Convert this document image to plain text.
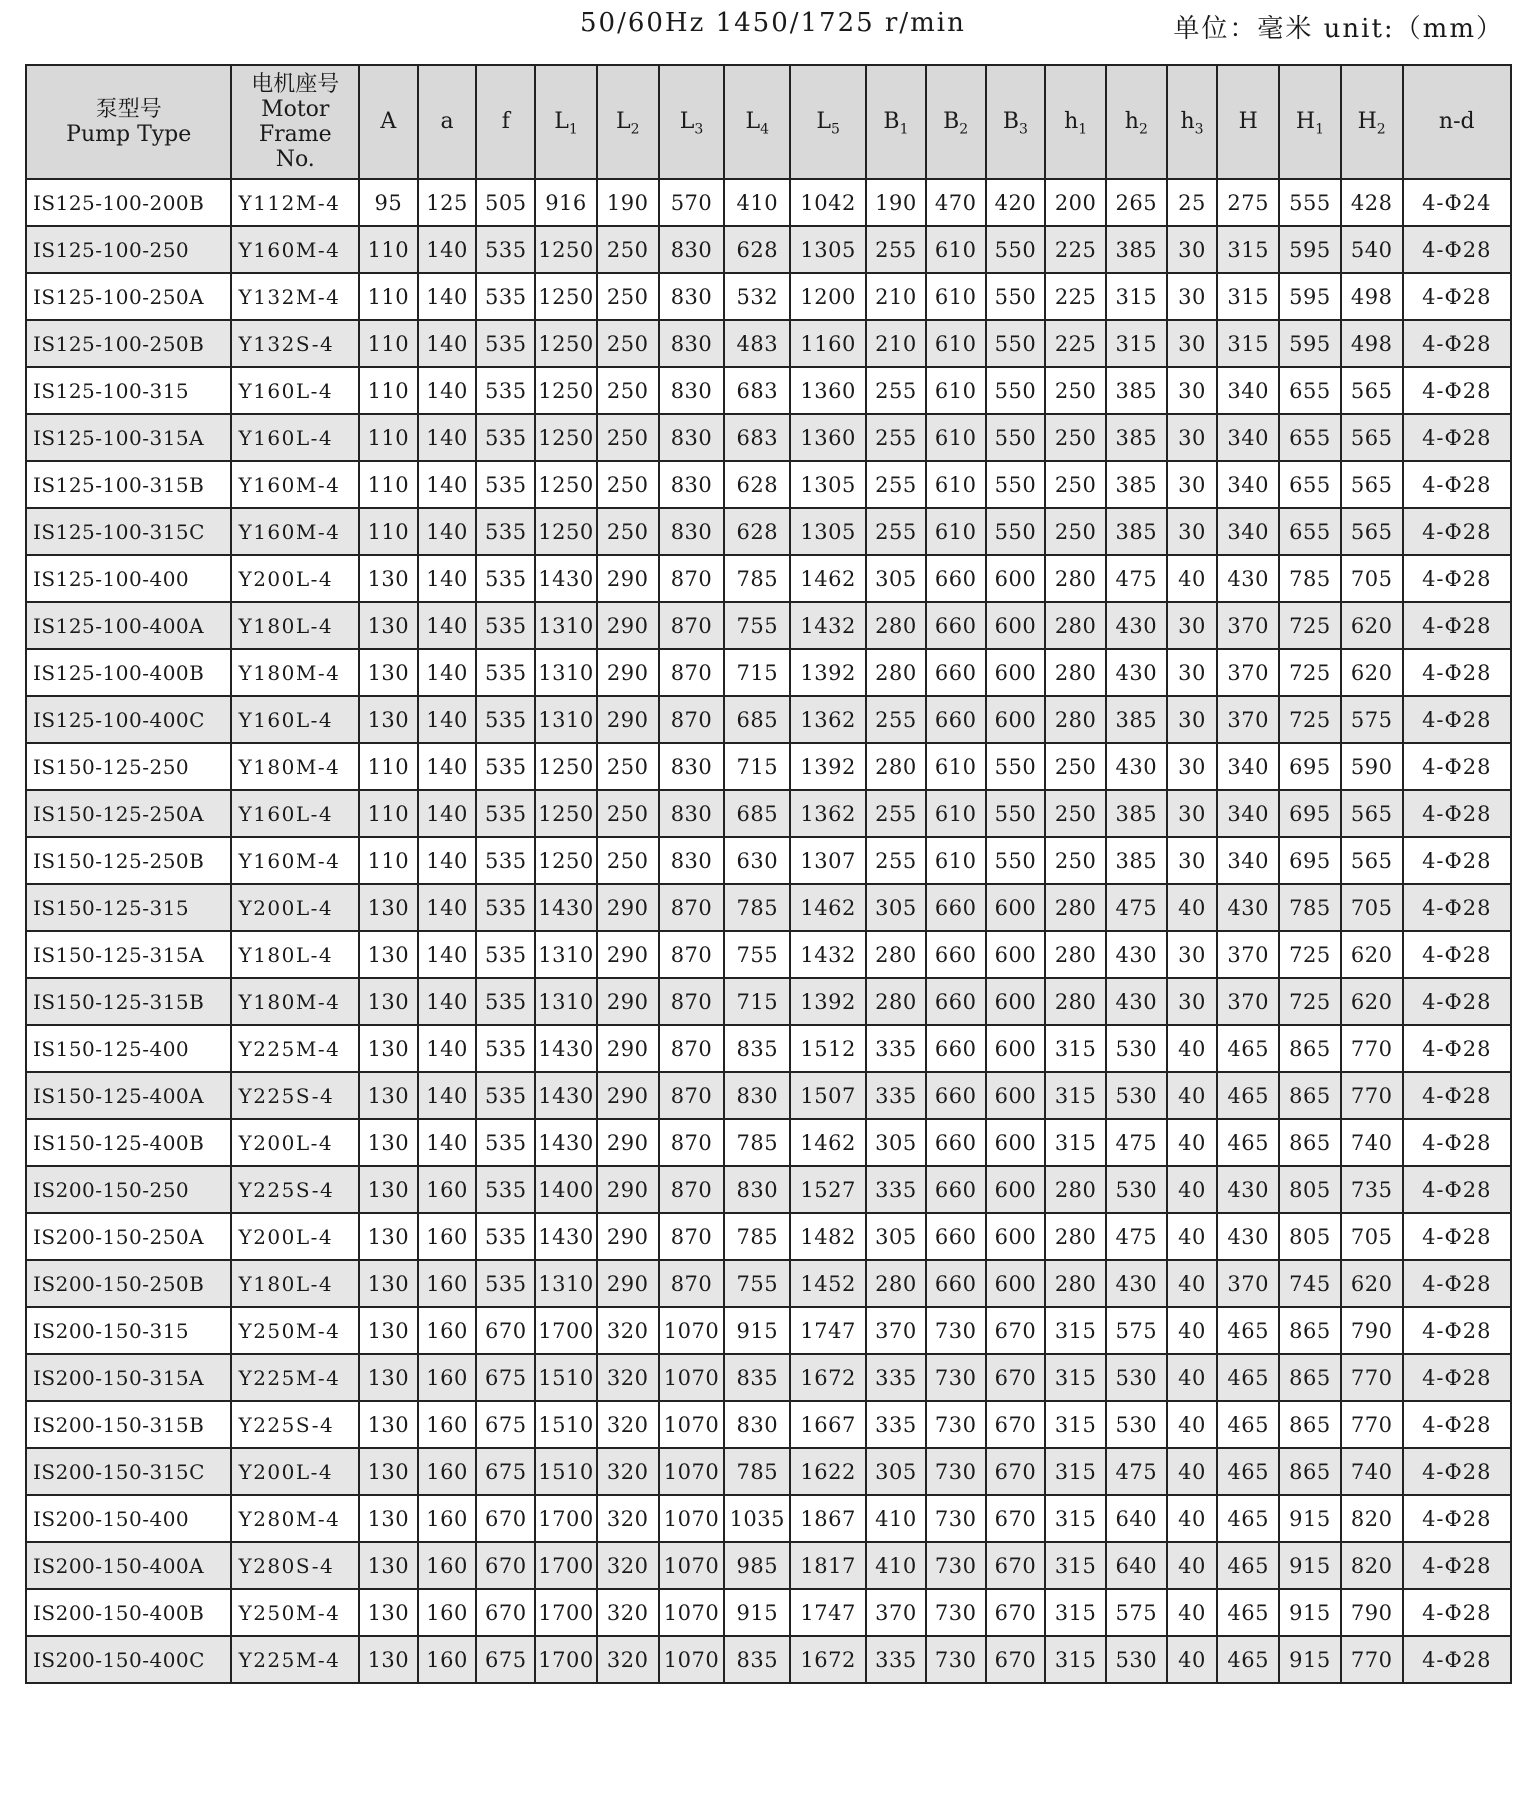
50/60Hz 1450/1725 r/min	单位：毫米 unit:（mm）
泵型号
Pump Type	电机座号
Motor
Frame
No.	A	a	f	$L_1$	$L_2$	$L_3$	$L_4$	$L_5$	$B_1$	$B_2$	$B_3$	$h_1$	$h_2$	$h_3$	H	$H_1$	$H_2$	n-d
IS125-100-200B	Y112M-4	95	125	505	916	190	570	410	1042	190	470	420	200	265	25	275	555	428	4-Φ24
IS125-100-250	Y160M-4	110	140	535	1250	250	830	628	1305	255	610	550	225	385	30	315	595	540	4-Φ28
IS125-100-250A	Y132M-4	110	140	535	1250	250	830	532	1200	210	610	550	225	315	30	315	595	498	4-Φ28
IS125-100-250B	Y132S-4	110	140	535	1250	250	830	483	1160	210	610	550	225	315	30	315	595	498	4-Φ28
IS125-100-315	Y160L-4	110	140	535	1250	250	830	683	1360	255	610	550	250	385	30	340	655	565	4-Φ28
IS125-100-315A	Y160L-4	110	140	535	1250	250	830	683	1360	255	610	550	250	385	30	340	655	565	4-Φ28
IS125-100-315B	Y160M-4	110	140	535	1250	250	830	628	1305	255	610	550	250	385	30	340	655	565	4-Φ28
IS125-100-315C	Y160M-4	110	140	535	1250	250	830	628	1305	255	610	550	250	385	30	340	655	565	4-Φ28
IS125-100-400	Y200L-4	130	140	535	1430	290	870	785	1462	305	660	600	280	475	40	430	785	705	4-Φ28
IS125-100-400A	Y180L-4	130	140	535	1310	290	870	755	1432	280	660	600	280	430	30	370	725	620	4-Φ28
IS125-100-400B	Y180M-4	130	140	535	1310	290	870	715	1392	280	660	600	280	430	30	370	725	620	4-Φ28
IS125-100-400C	Y160L-4	130	140	535	1310	290	870	685	1362	255	660	600	280	385	30	370	725	575	4-Φ28
IS150-125-250	Y180M-4	110	140	535	1250	250	830	715	1392	280	610	550	250	430	30	340	695	590	4-Φ28
IS150-125-250A	Y160L-4	110	140	535	1250	250	830	685	1362	255	610	550	250	385	30	340	695	565	4-Φ28
IS150-125-250B	Y160M-4	110	140	535	1250	250	830	630	1307	255	610	550	250	385	30	340	695	565	4-Φ28
IS150-125-315	Y200L-4	130	140	535	1430	290	870	785	1462	305	660	600	280	475	40	430	785	705	4-Φ28
IS150-125-315A	Y180L-4	130	140	535	1310	290	870	755	1432	280	660	600	280	430	30	370	725	620	4-Φ28
IS150-125-315B	Y180M-4	130	140	535	1310	290	870	715	1392	280	660	600	280	430	30	370	725	620	4-Φ28
IS150-125-400	Y225M-4	130	140	535	1430	290	870	835	1512	335	660	600	315	530	40	465	865	770	4-Φ28
IS150-125-400A	Y225S-4	130	140	535	1430	290	870	830	1507	335	660	600	315	530	40	465	865	770	4-Φ28
IS150-125-400B	Y200L-4	130	140	535	1430	290	870	785	1462	305	660	600	315	475	40	465	865	740	4-Φ28
IS200-150-250	Y225S-4	130	160	535	1400	290	870	830	1527	335	660	600	280	530	40	430	805	735	4-Φ28
IS200-150-250A	Y200L-4	130	160	535	1430	290	870	785	1482	305	660	600	280	475	40	430	805	705	4-Φ28
IS200-150-250B	Y180L-4	130	160	535	1310	290	870	755	1452	280	660	600	280	430	40	370	745	620	4-Φ28
IS200-150-315	Y250M-4	130	160	670	1700	320	1070	915	1747	370	730	670	315	575	40	465	865	790	4-Φ28
IS200-150-315A	Y225M-4	130	160	675	1510	320	1070	835	1672	335	730	670	315	530	40	465	865	770	4-Φ28
IS200-150-315B	Y225S-4	130	160	675	1510	320	1070	830	1667	335	730	670	315	530	40	465	865	770	4-Φ28
IS200-150-315C	Y200L-4	130	160	675	1510	320	1070	785	1622	305	730	670	315	475	40	465	865	740	4-Φ28
IS200-150-400	Y280M-4	130	160	670	1700	320	1070	1035	1867	410	730	670	315	640	40	465	915	820	4-Φ28
IS200-150-400A	Y280S-4	130	160	670	1700	320	1070	985	1817	410	730	670	315	640	40	465	915	820	4-Φ28
IS200-150-400B	Y250M-4	130	160	670	1700	320	1070	915	1747	370	730	670	315	575	40	465	915	790	4-Φ28
IS200-150-400C	Y225M-4	130	160	675	1700	320	1070	835	1672	335	730	670	315	530	40	465	915	770	4-Φ28
